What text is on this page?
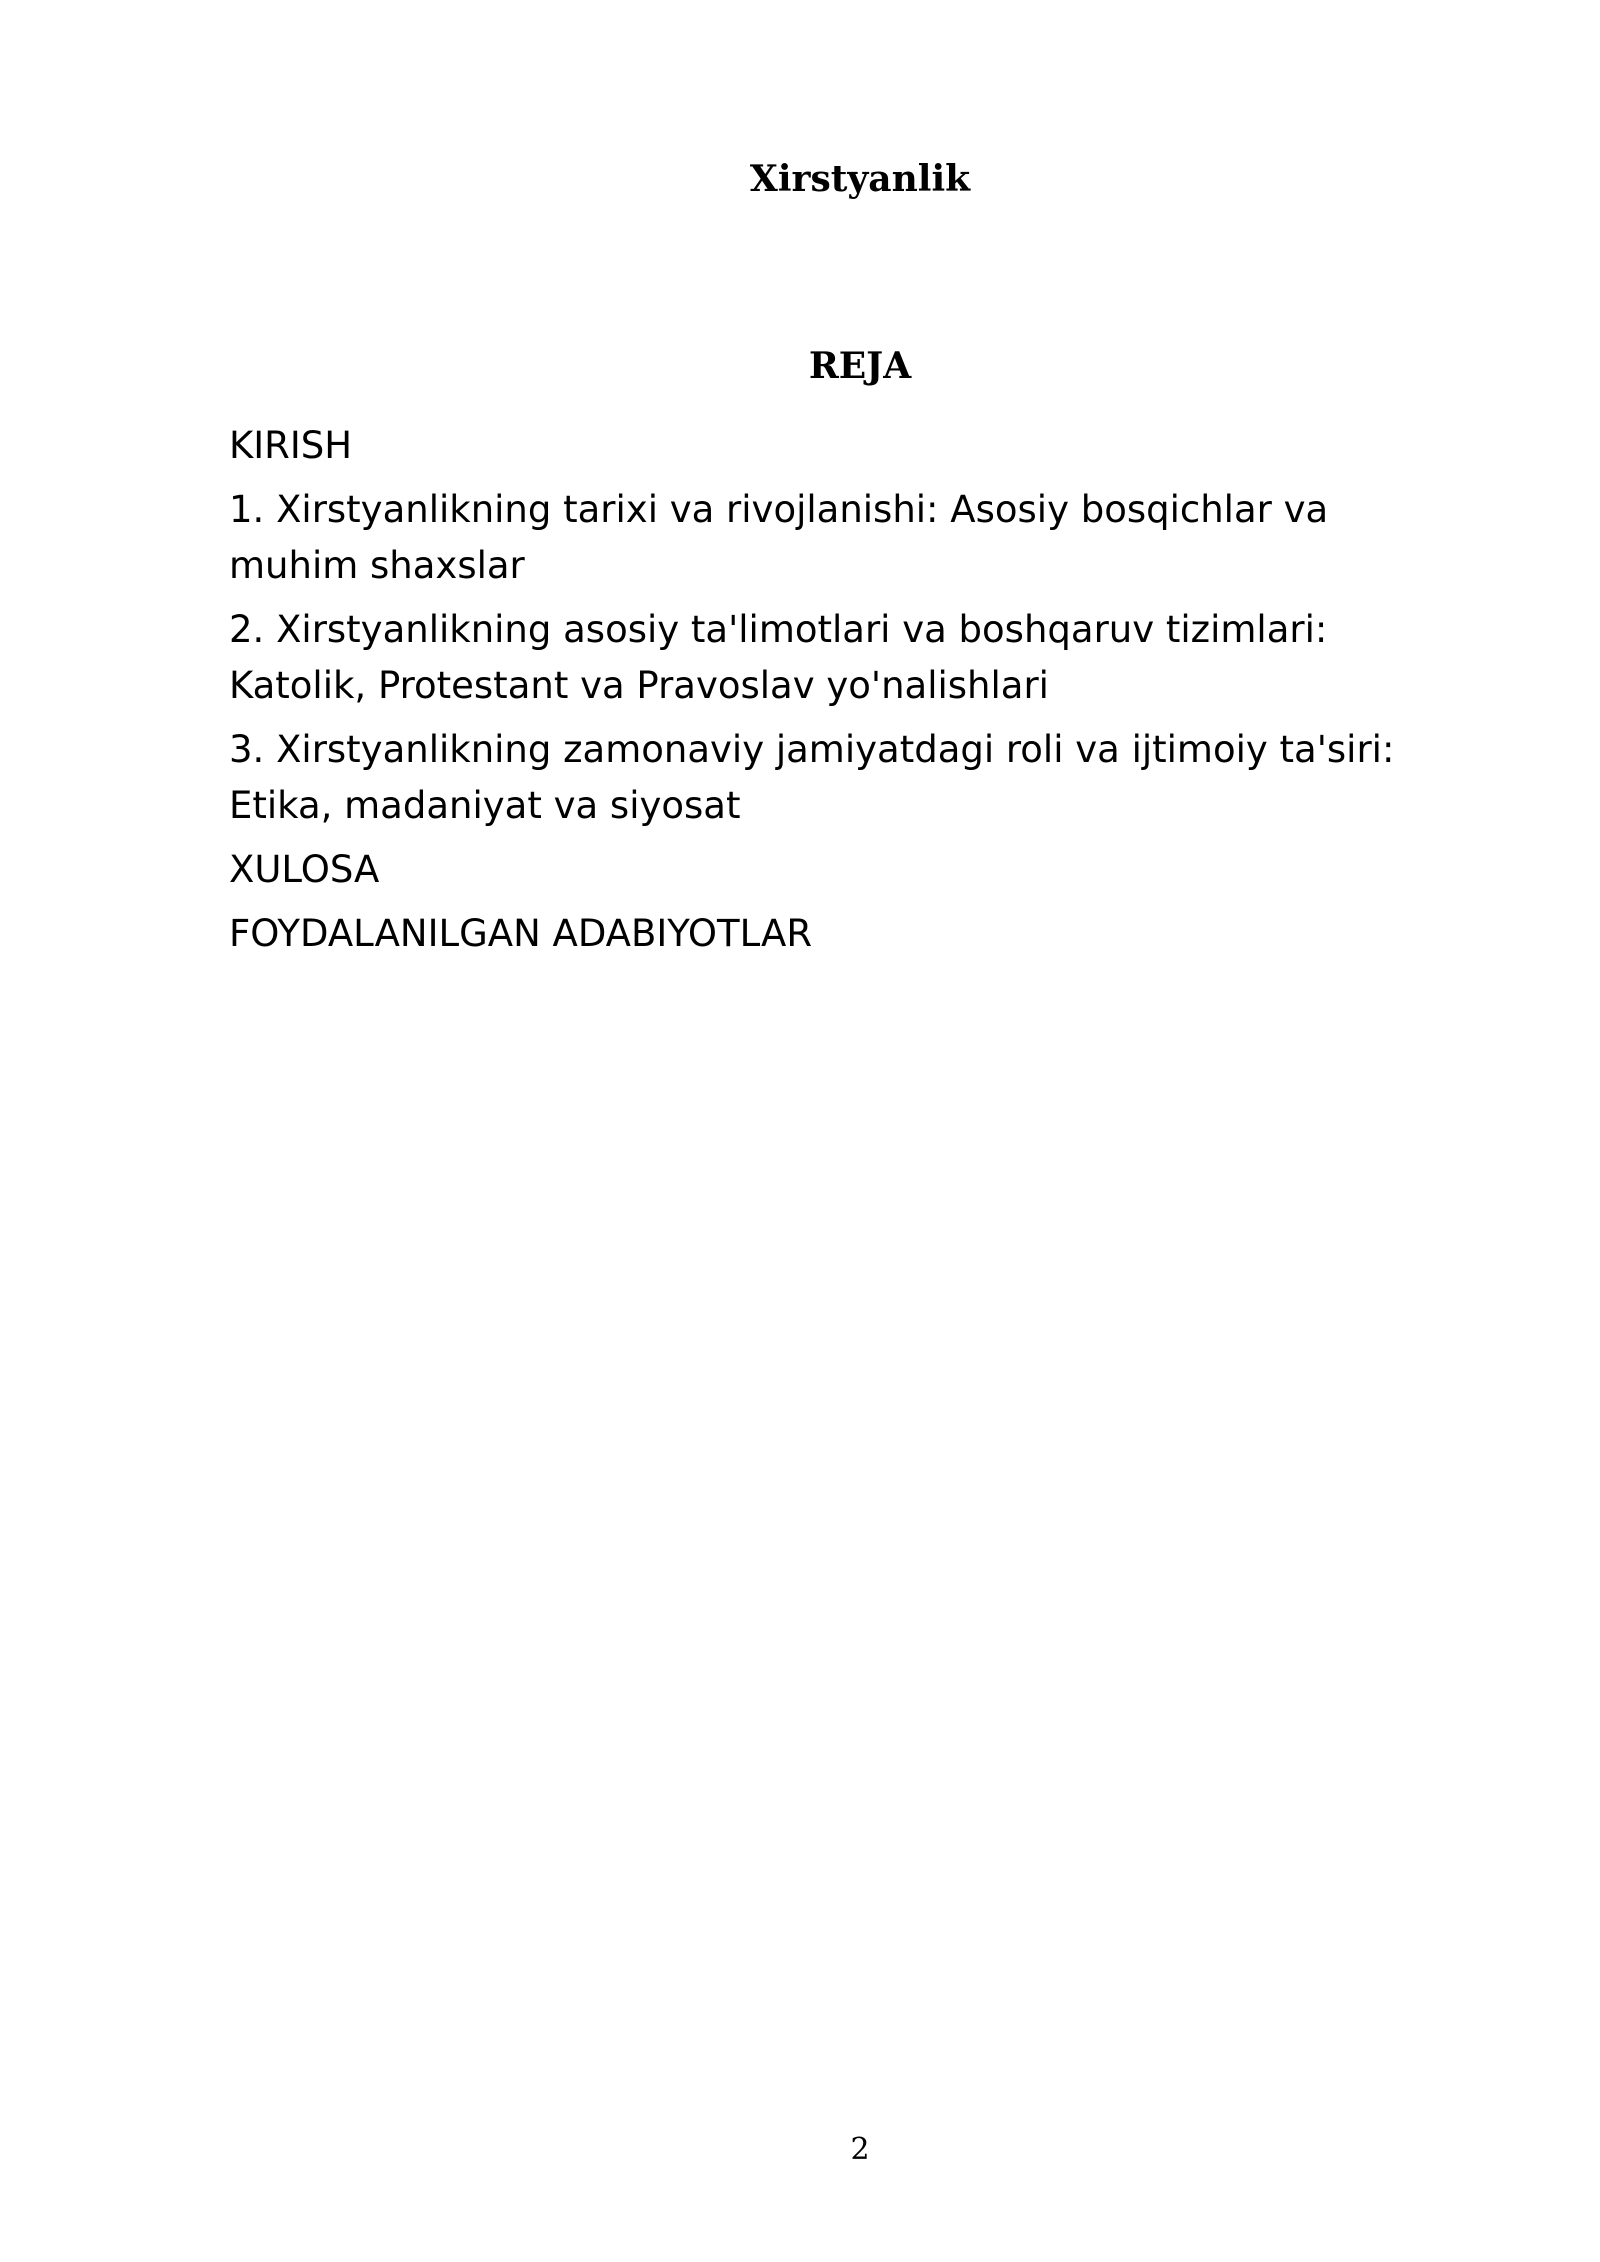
Xirstyanlik
REJA
KIRISH
1. Xirstyanlikning tarixi va rivojlanishi: Asosiy bosqichlar va muhim shaxslar
2. Xirstyanlikning asosiy ta'limotlari va boshqaruv tizimlari: Katolik, Protestant va Pravoslav yo'nalishlari
3. Xirstyanlikning zamonaviy jamiyatdagi roli va ijtimoiy ta'siri: Etika, madaniyat va siyosat
XULOSA
FOYDALANILGAN ADABIYOTLAR
2
